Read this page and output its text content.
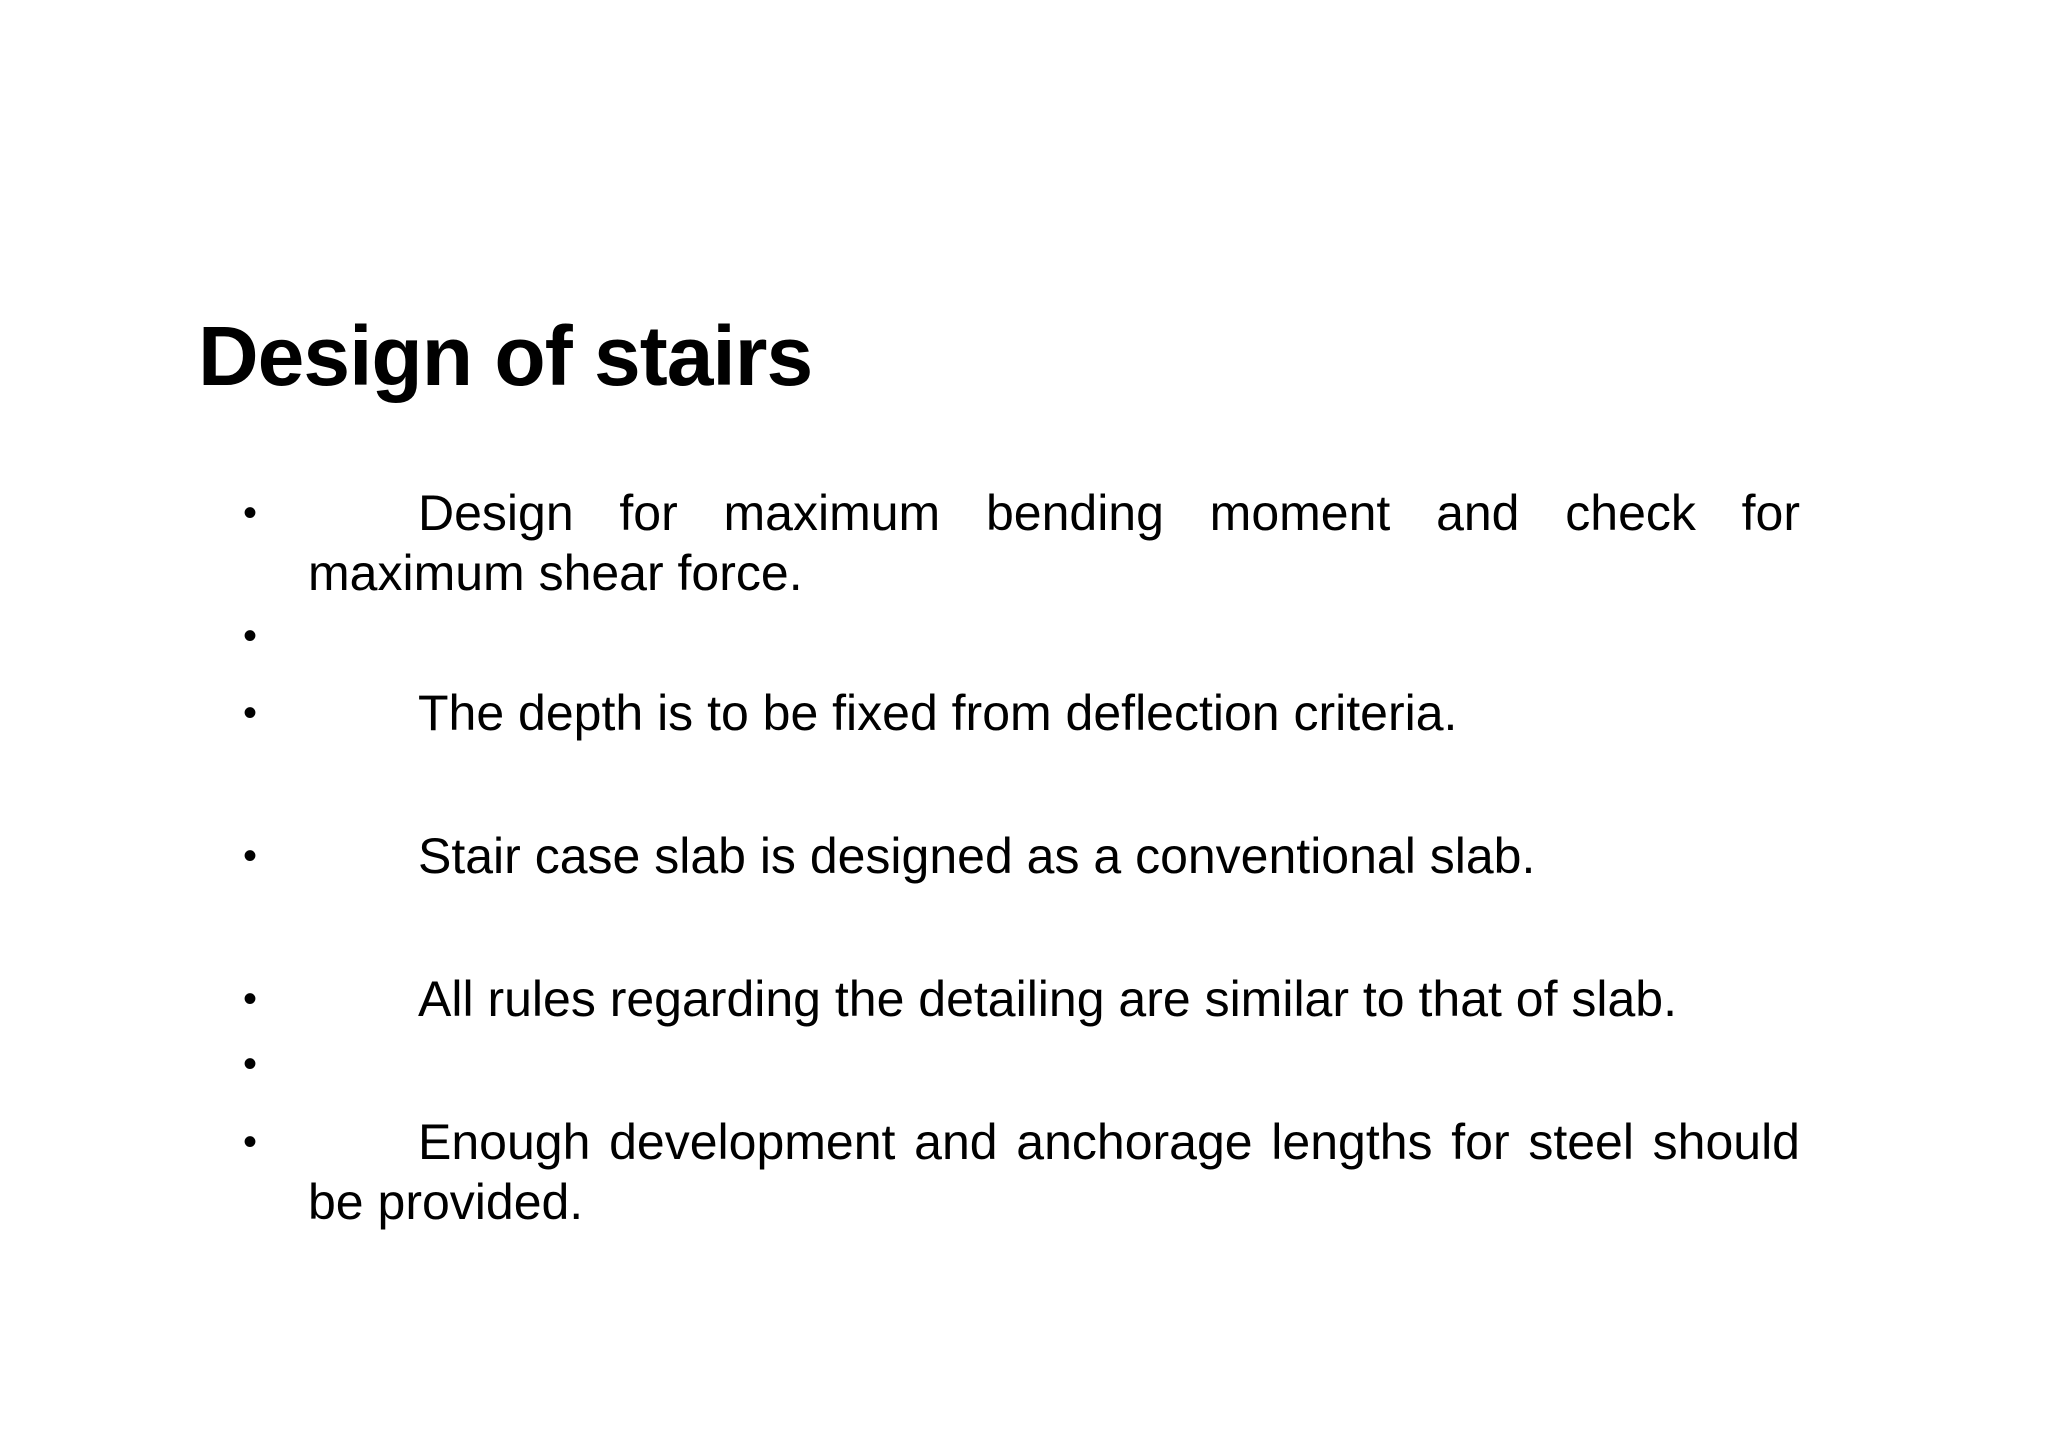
Design of stairs
•	Design for maximum bending moment and check for maximum shear force.
•
•	The depth is to be fixed from deflection criteria.
•	Stair case slab is designed as a conventional slab.
•	All rules regarding the detailing are similar to that of slab.
•
•	Enough development and anchorage lengths for steel should be provided.
